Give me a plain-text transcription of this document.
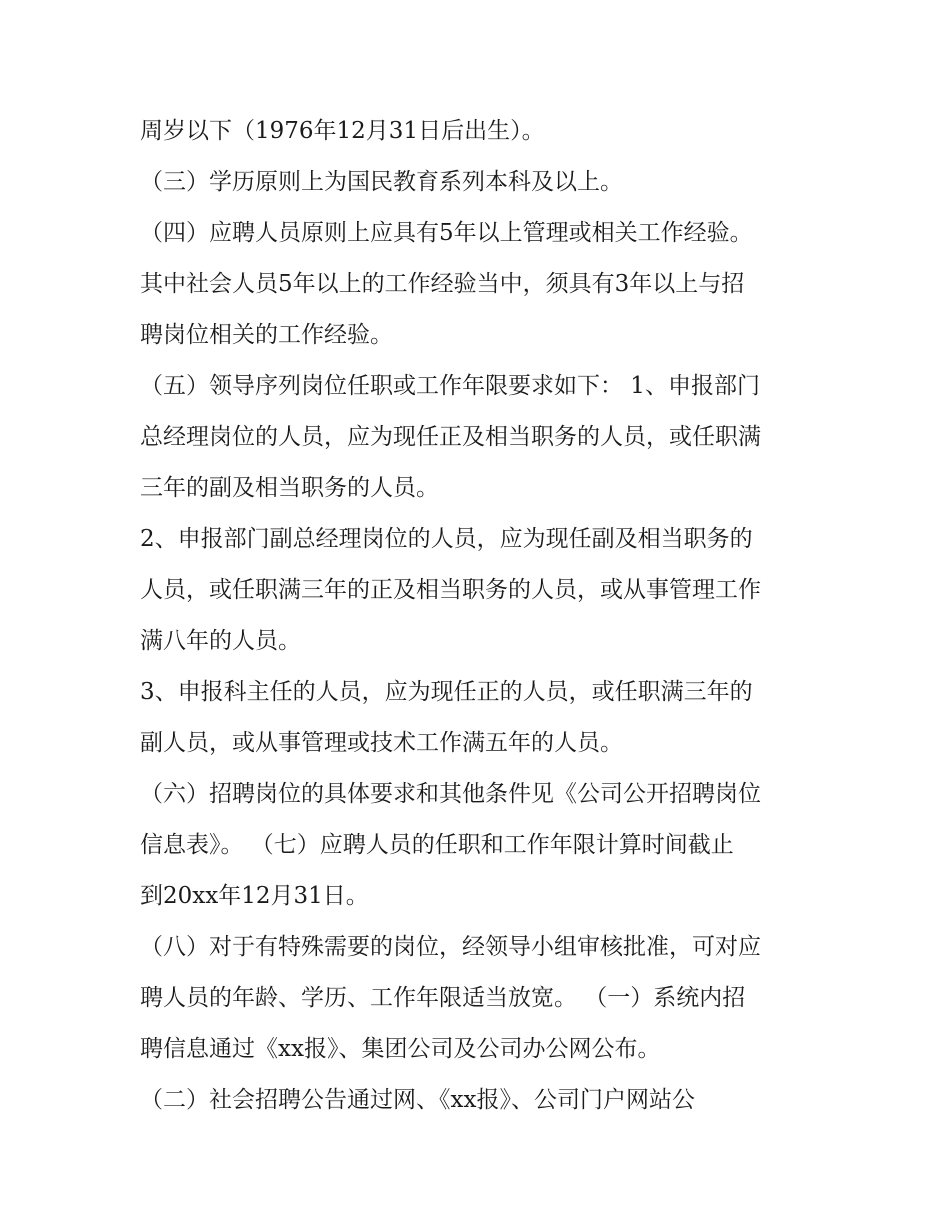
周岁以下（1976年12月31日后出生）。
（三）学历原则上为国民教育系列本科及以上。
（四）应聘人员原则上应具有5年以上管理或相关工作经验。
其中社会人员5年以上的工作经验当中，须具有3年以上与招
聘岗位相关的工作经验。
（五）领导序列岗位任职或工作年限要求如下： 1、申报部门
总经理岗位的人员，应为现任正及相当职务的人员，或任职满
三年的副及相当职务的人员。
2、申报部门副总经理岗位的人员，应为现任副及相当职务的
人员，或任职满三年的正及相当职务的人员，或从事管理工作
满八年的人员。
3、申报科主任的人员，应为现任正的人员，或任职满三年的
副人员，或从事管理或技术工作满五年的人员。
（六）招聘岗位的具体要求和其他条件见《公司公开招聘岗位
信息表》。 （七）应聘人员的任职和工作年限计算时间截止
到20xx年12月31日。
（八）对于有特殊需要的岗位，经领导小组审核批准，可对应
聘人员的年龄、学历、工作年限适当放宽。 （一）系统内招
聘信息通过《xx报》、集团公司及公司办公网公布。
（二）社会招聘公告通过网、《xx报》、公司门户网站公
